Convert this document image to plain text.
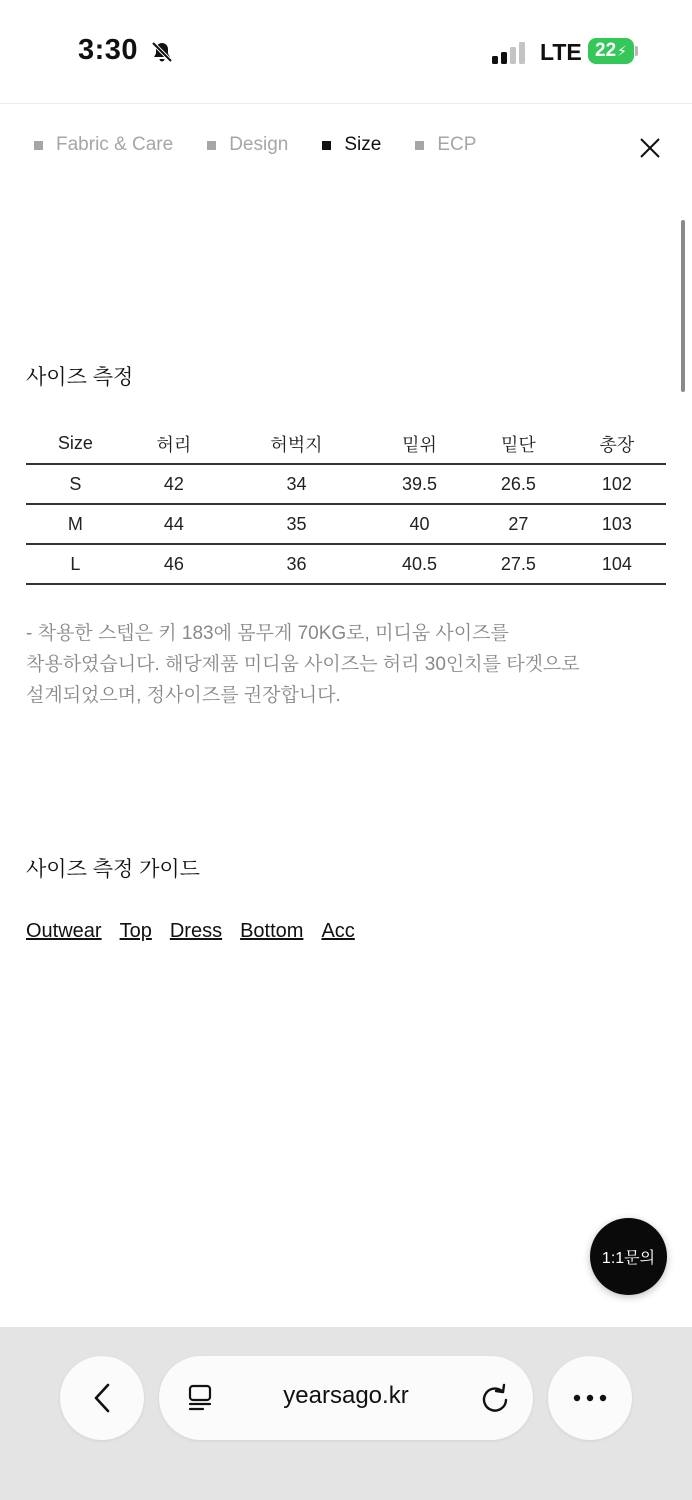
3:30	LTE 22 ⚡
Fabric & Care	Design	Size	ECP
사이즈 측정
Size	허리	허벅지	밑위	밑단	총장
S	42	34	39.5	26.5	102
M	44	35	40	27	103
L	46	36	40.5	27.5	104
- 착용한 스텝은 키 183에 몸무게 70KG로, 미디움 사이즈를
착용하였습니다. 해당제품 미디움 사이즈는 허리 30인치를 타겟으로
설계되었으며, 정사이즈를 권장합니다.
사이즈 측정 가이드
Outwear Top Dress Bottom Acc
1:1문의
yearsago.kr
